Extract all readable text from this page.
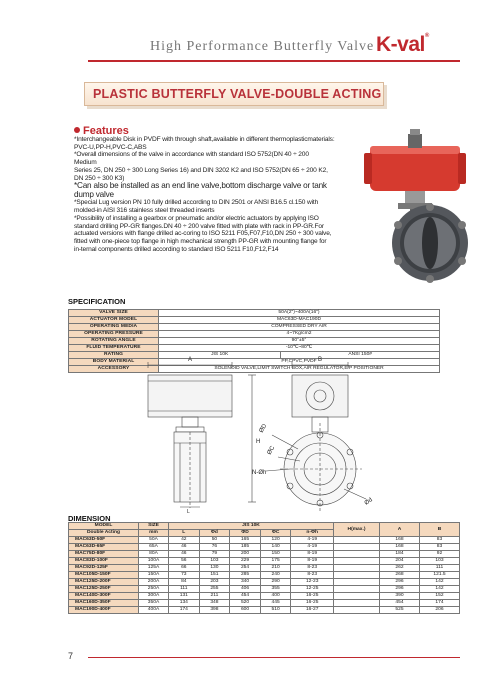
High Performance Butterfly Valve K-val®
PLASTIC BUTTERFLY VALVE-DOUBLE ACTING
Features
*Interchangeable Disk in PVDF with through shaft,available in different thermoplasticmaterials:
PVC-U,PP-H,PVC-C,ABS
*Overall dimensions of the valve in accordance with standard ISO 5752(DN 40 ÷ 200
Medium
Series 25, DN 250 ÷ 300 Long Series 16) and DIN 3202 K2 and ISO 5752(DN 65 ÷ 200 K2,
DN 250 ÷ 300 K3)
*Can also be installed as an end line valve,bottom discharge valve or tank
dump valve
*Special Lug version PN 10 fully drilled according to DIN 2501 or ANSI B16.5 cl.150 with
molded-in AISI 316 stainless steel threaded inserts
*Possibility of installing a gearbox or pneumatic and/or electric actuators by applying ISO
standard drilling PP-GR flanges.DN 40 ÷ 200 valve fitted with plate with rack in PP-GR.For
actuated versions with flange drilled ac-coring to ISO 5211 F05,F07,F10,DN 250 ÷ 300 valve,
fitted with one-piece top flange in high mechanical strength PP-GR with mounting flange for
in-ternal components drilled according to standard ISO 5211 F10,F12,F14
SPECIFICATION
VALVE SIZE	50A(2")~400A(16")	
ACTUATOR MODEL	MAC63D-MAC190D	
OPERATING MEDIA	COMPRESSED DRY AIR	
OPERATING PRESSURE	4~7Kg/cm2	
ROTATING ANGLE	90°±5°	
FLUID TEMPERATURE	-10℃~80℃	
RATING	JIS 10K	ANSI 150#
BODY MATERIAL	PP,CPVC,PVDF	
ACCESSORY	SOLENOID VALVE,LIMIT SWITCH BOX,AIR REGULATOR,E/P POSITIONER	
A	B
H
L
N-Øh
ØD
ØC
Ød
DIMENSION
MODEL	SIZE	JIS 10K					H(max.)	A	B
Double Acting	mm	L	Φd	ΦD	ΦC	n-Φh			
MAC63D-50F	50A	42	50	165	120	4-19		168	83
MAC63D-65F	65A	46	76	185	140	4-19		168	83
MAC75D-80F	80A	46	79	200	150	8-19		184	92
MAC83D-100F	100A	56	103	229	175	8-19		204	103
MAC92D-125F	125A	66	130	254	210	8-23		262	111
MAC105D-150F	150A	73	151	285	240	8-23		268	121.5
MAC125D-200F	200A	84	203	340	290	12-23		296	142
MAC125D-250F	250A	111	255	406	355	12-25		296	142
MAC140D-300F	300A	131	211	454	400	16-25		390	152
MAC160D-350F	350A	134	348	520	445	16-25		454	174
MAC190D-400F	400A	174	398	600	510	16-27		525	206
7
